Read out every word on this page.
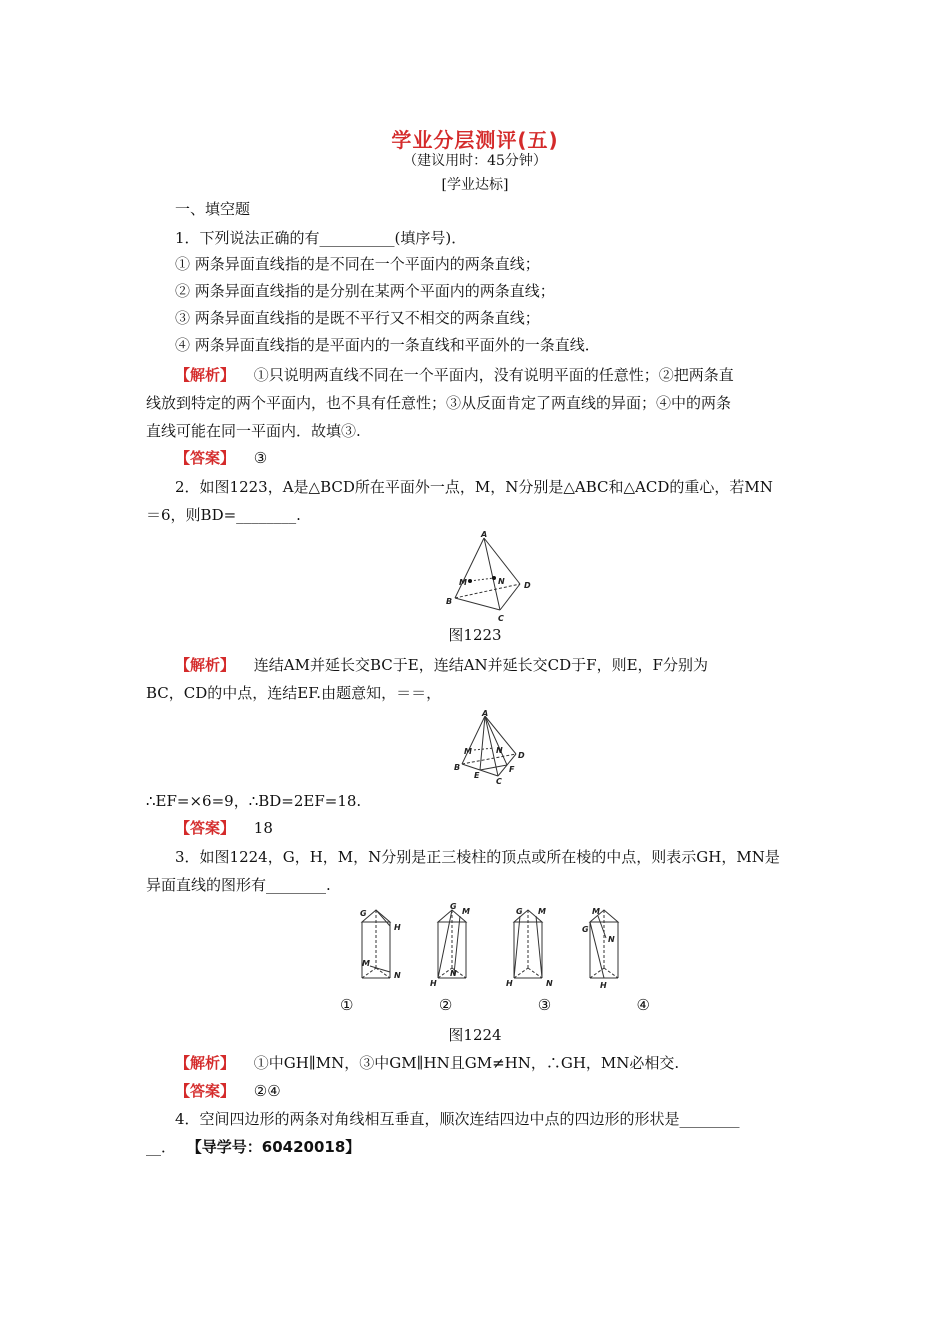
学业分层测评(五)
（建议用时：45分钟）
[学业达标]
一、填空题
1．下列说法正确的有__________(填序号)．
① 两条异面直线指的是不同在一个平面内的两条直线；
② 两条异面直线指的是分别在某两个平面内的两条直线；
③ 两条异面直线指的是既不平行又不相交的两条直线；
④ 两条异面直线指的是平面内的一条直线和平面外的一条直线．
【解析】 ①只说明两直线不同在一个平面内，没有说明平面的任意性；②把两条直
线放到特定的两个平面内，也不具有任意性；③从反面肯定了两直线的异面；④中的两条
直线可能在同一平面内．故填③.
【答案】 ③
2．如图1223，A是△BCD所在平面外一点，M，N分别是△ABC和△ACD的重心，若MN
＝6，则BD=________.
A
M	N D
B
C
图1223
【解析】 连结AM并延长交BC于E，连结AN并延长交CD于F，则E，F分别为
BC，CD的中点，连结EF.由题意知，＝＝，
A
M	N
D
B
E
F
C
∴EF=×6=9，∴BD=2EF=18.
【答案】 18
3．如图1224，G，H，M，N分别是正三棱柱的顶点或所在棱的中点，则表示GH，MN是
异面直线的图形有________.
G
H
M
N
G
H
M
N
G
H
M
N
M
G
N
H
①	②	③	④
图1224
【解析】 ①中GH∥MN，③中GM∥HN且GM≠HN，∴GH，MN必相交.
【答案】 ②④
4．空间四边形的两条对角线相互垂直，顺次连结四边中点的四边形的形状是________
__． 【导学号：60420018】
